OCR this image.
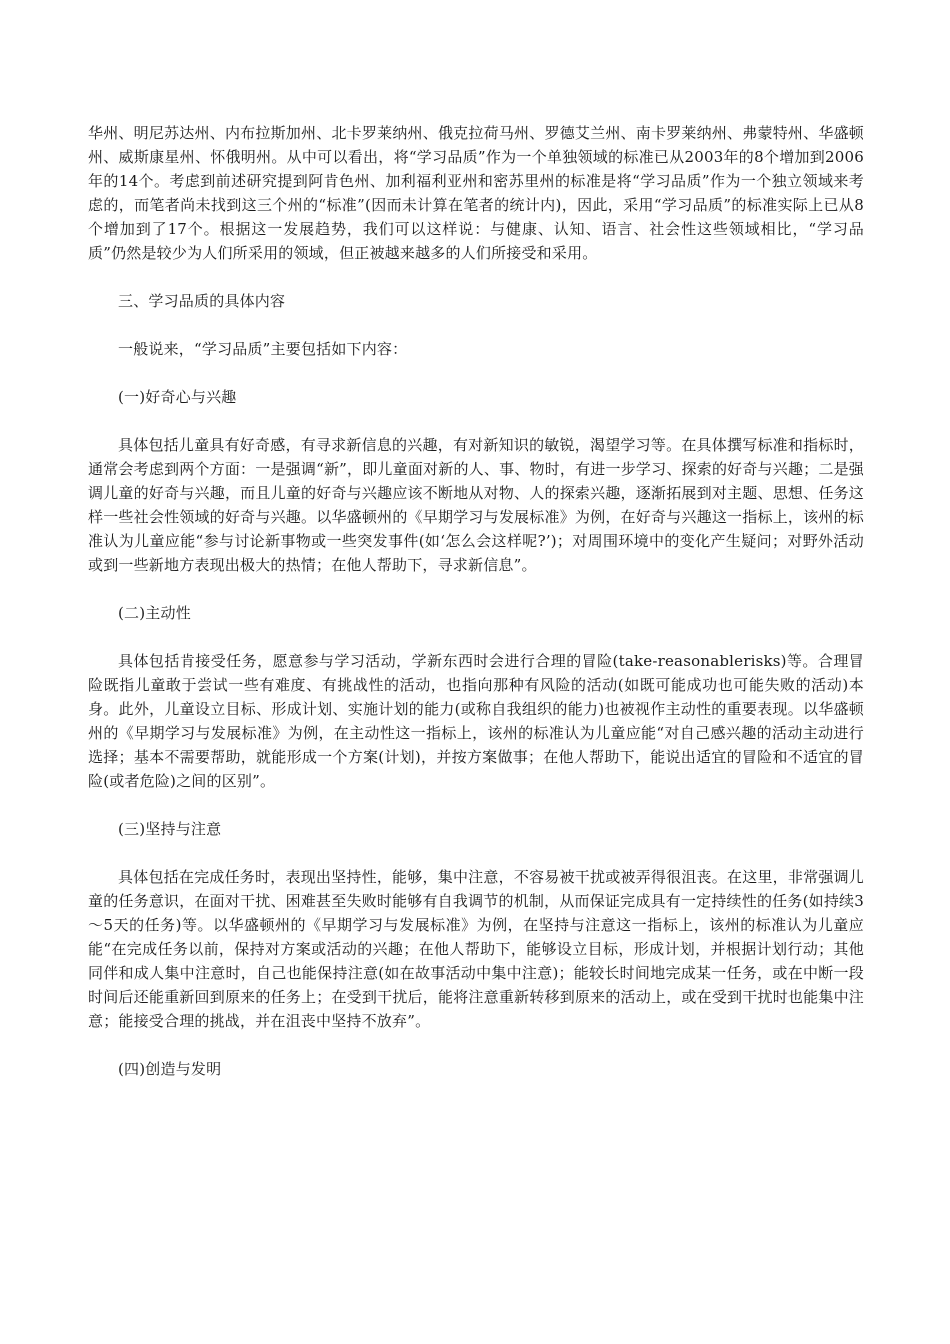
华州、明尼苏达州、内布拉斯加州、北卡罗莱纳州、俄克拉荷马州、罗德艾兰州、南卡罗莱纳州、弗蒙特州、华盛顿州、威斯康星州、怀俄明州。从中可以看出，将“学习品质”作为一个单独领域的标准已从2003年的8个增加到2006年的14个。考虑到前述研究提到阿肯色州、加利福利亚州和密苏里州的标准是将“学习品质”作为一个独立领域来考虑的，而笔者尚未找到这三个州的“标准”(因而未计算在笔者的统计内)，因此，采用“学习品质”的标准实际上已从8个增加到了17个。根据这一发展趋势，我们可以这样说：与健康、认知、语言、社会性这些领域相比，“学习品质”仍然是较少为人们所采用的领域，但正被越来越多的人们所接受和采用。

三、学习品质的具体内容

一般说来，“学习品质”主要包括如下内容：

(一)好奇心与兴趣

具体包括儿童具有好奇感，有寻求新信息的兴趣，有对新知识的敏锐，渴望学习等。在具体撰写标准和指标时，通常会考虑到两个方面：一是强调“新”，即儿童面对新的人、事、物时，有进一步学习、探索的好奇与兴趣；二是强调儿童的好奇与兴趣，而且儿童的好奇与兴趣应该不断地从对物、人的探索兴趣，逐渐拓展到对主题、思想、任务这样一些社会性领域的好奇与兴趣。以华盛顿州的《早期学习与发展标准》为例，在好奇与兴趣这一指标上，该州的标准认为儿童应能“参与讨论新事物或一些突发事件(如‘怎么会这样呢?’)；对周围环境中的变化产生疑问；对野外活动或到一些新地方表现出极大的热情；在他人帮助下，寻求新信息”。

(二)主动性

具体包括肯接受任务，愿意参与学习活动，学新东西时会进行合理的冒险(take-reasonablerisks)等。合理冒险既指儿童敢于尝试一些有难度、有挑战性的活动，也指向那种有风险的活动(如既可能成功也可能失败的活动)本身。此外，儿童设立目标、形成计划、实施计划的能力(或称自我组织的能力)也被视作主动性的重要表现。以华盛顿州的《早期学习与发展标准》为例，在主动性这一指标上，该州的标准认为儿童应能“对自己感兴趣的活动主动进行选择；基本不需要帮助，就能形成一个方案(计划)，并按方案做事；在他人帮助下，能说出适宜的冒险和不适宜的冒险(或者危险)之间的区别”。

(三)坚持与注意

具体包括在完成任务时，表现出坚持性，能够，集中注意，不容易被干扰或被弄得很沮丧。在这里，非常强调儿童的任务意识，在面对干扰、困难甚至失败时能够有自我调节的机制，从而保证完成具有一定持续性的任务(如持续3～5天的任务)等。以华盛顿州的《早期学习与发展标准》为例，在坚持与注意这一指标上，该州的标准认为儿童应能“在完成任务以前，保持对方案或活动的兴趣；在他人帮助下，能够设立目标，形成计划，并根据计划行动；其他同伴和成人集中注意时，自己也能保持注意(如在故事活动中集中注意)；能较长时间地完成某一任务，或在中断一段时间后还能重新回到原来的任务上；在受到干扰后，能将注意重新转移到原来的活动上，或在受到干扰时也能集中注意；能接受合理的挑战，并在沮丧中坚持不放弃”。

(四)创造与发明
